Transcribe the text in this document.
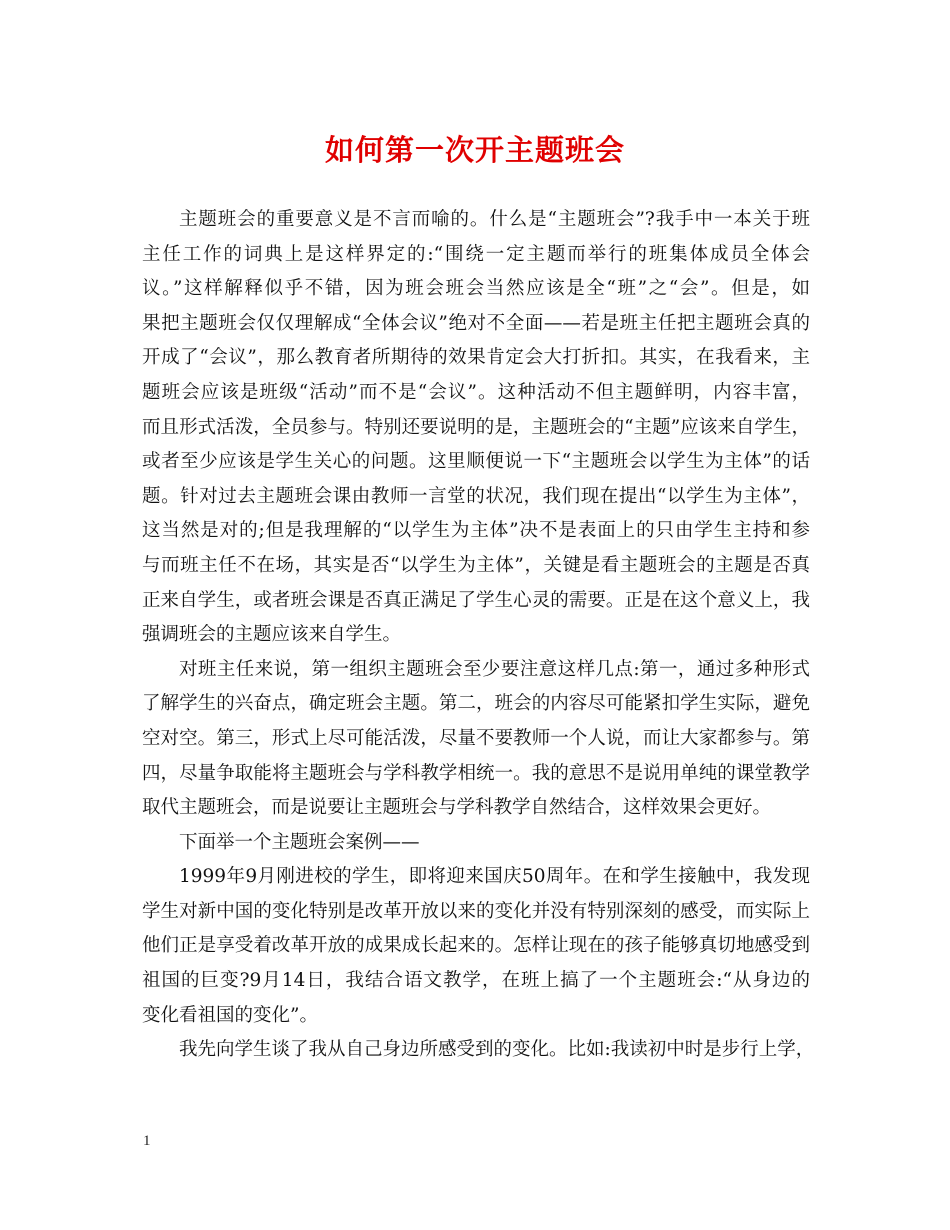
如何第一次开主题班会
主题班会的重要意义是不言而喻的。什么是“主题班会”?我手中一本关于班
主任工作的词典上是这样界定的:“围绕一定主题而举行的班集体成员全体会
议。”这样解释似乎不错，因为班会班会当然应该是全“班”之“会”。但是，如
果把主题班会仅仅理解成“全体会议”绝对不全面——若是班主任把主题班会真的
开成了“会议”，那么教育者所期待的效果肯定会大打折扣。其实，在我看来，主
题班会应该是班级“活动”而不是“会议”。这种活动不但主题鲜明，内容丰富，
而且形式活泼，全员参与。特别还要说明的是，主题班会的“主题”应该来自学生，
或者至少应该是学生关心的问题。这里顺便说一下“主题班会以学生为主体”的话
题。针对过去主题班会课由教师一言堂的状况，我们现在提出“以学生为主体”，
这当然是对的;但是我理解的“以学生为主体”决不是表面上的只由学生主持和参
与而班主任不在场，其实是否“以学生为主体”，关键是看主题班会的主题是否真
正来自学生，或者班会课是否真正满足了学生心灵的需要。正是在这个意义上，我
强调班会的主题应该来自学生。
对班主任来说，第一组织主题班会至少要注意这样几点:第一，通过多种形式
了解学生的兴奋点，确定班会主题。第二，班会的内容尽可能紧扣学生实际，避免
空对空。第三，形式上尽可能活泼，尽量不要教师一个人说，而让大家都参与。第
四，尽量争取能将主题班会与学科教学相统一。我的意思不是说用单纯的课堂教学
取代主题班会，而是说要让主题班会与学科教学自然结合，这样效果会更好。
下面举一个主题班会案例——
1999年9月刚进校的学生，即将迎来国庆50周年。在和学生接触中，我发现
学生对新中国的变化特别是改革开放以来的变化并没有特别深刻的感受，而实际上
他们正是享受着改革开放的成果成长起来的。怎样让现在的孩子能够真切地感受到
祖国的巨变?9月14日，我结合语文教学，在班上搞了一个主题班会:“从身边的
变化看祖国的变化”。
我先向学生谈了我从自己身边所感受到的变化。比如:我读初中时是步行上学，
1
